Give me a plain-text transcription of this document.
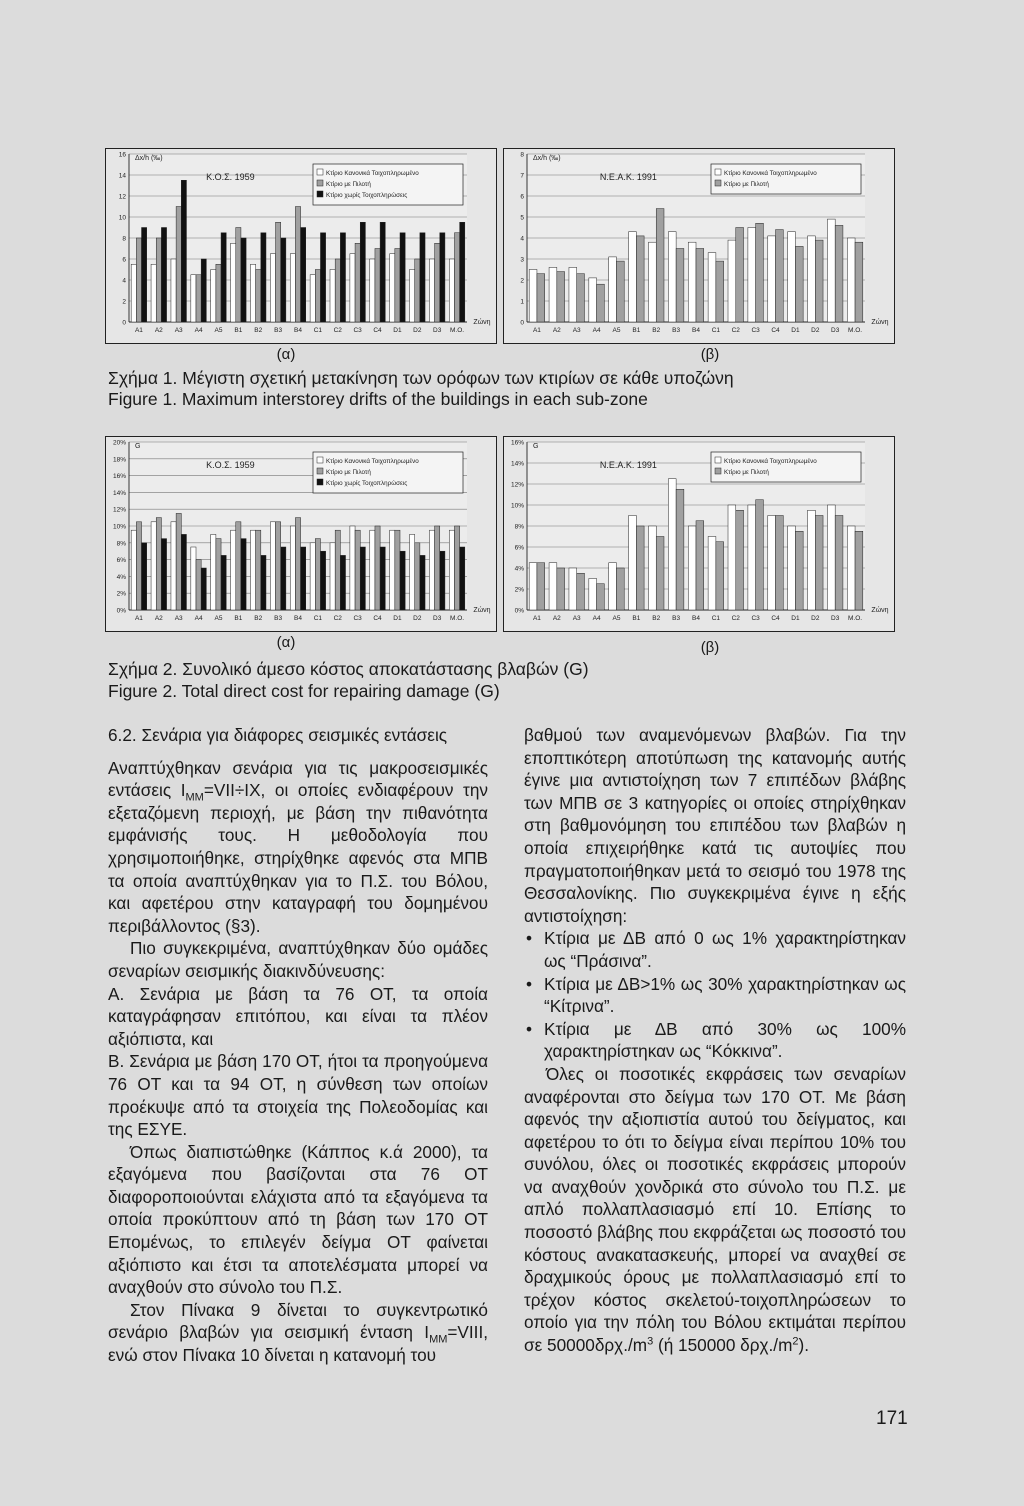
0
2
4
6
8
10
12
14
16 Δx/h (‰)
A1 A2 A3 A4 A5 B1 B2 B3 B4 C1 C2 C3 C4 D1 D2 D3 M.O.
Ζώνη
Κ.Ο.Σ. 1959	Κτίριο Κανονικά Τοιχοπληρωμένο
Κτίριο με Πιλοτή
Κτίριο χωρίς Τοιχοπληρώσεις
0
1
2
3
4
5
6
7
8 Δx/h (‰)
A1 A2 A3 A4 A5 B1 B2 B3 B4 C1 C2 C3 C4 D1 D2 D3 M.O.
Ζώνη
Ν.Ε.Α.Κ. 1991	Κτίριο Κανονικά Τοιχοπληρωμένο
Κτίριο με Πιλοτή
(α)	(β)
Σχήμα 1. Μέγιστη σχετική μετακίνηση των ορόφων των κτιρίων σε κάθε υποζώνη
Figure 1. Maximum interstorey drifts of the buildings in each sub-zone
0%
2%
4%
6%
8%
10%
12%
14%
16%
18%
20% G
A1 A2 A3 A4 A5 B1 B2 B3 B4 C1 C2 C3 C4 D1 D2 D3 M.O.
Ζώνη
Κ.Ο.Σ. 1959	Κτίριο Κανονικά Τοιχοπληρωμένο
Κτίριο με Πιλοτή
Κτίριο χωρίς Τοιχοπληρώσεις
0%
2%
4%
6%
8%
10%
12%
14%
16% G
A1 A2 A3 A4 A5 B1 B2 B3 B4 C1 C2 C3 C4 D1 D2 D3 M.O.
Ζώνη
Ν.Ε.Α.Κ. 1991	Κτίριο Κανονικά Τοιχοπληρωμένο
Κτίριο με Πιλοτή
(α)	(β)
Σχήμα 2. Συνολικό άμεσο κόστος αποκατάστασης βλαβών (G)
Figure 2. Total direct cost for repairing damage (G)

6.2. Σενάρια για διάφορες σεισμικές εντάσεις

Αναπτύχθηκαν σενάρια για τις μακροσεισμικές εντάσεις $I_{MM}=VII\div IX$, οι οποίες ενδιαφέρουν την εξεταζόμενη περιοχή, με βάση την πιθανότητα εμφάνισής τους. Η μεθοδολογία που χρησιμοποιήθηκε, στηρίχθηκε αφενός στα ΜΠΒ τα οποία αναπτύχθηκαν για το Π.Σ. του Βόλου, και αφετέρου στην καταγραφή του δομημένου περιβάλλοντος (§3).

Πιο συγκεκριμένα, αναπτύχθηκαν δύο ομάδες σεναρίων σεισμικής διακινδύνευσης:

Α. Σενάρια με βάση τα 76 ΟΤ, τα οποία καταγράφησαν επιτόπου, και είναι τα πλέον αξιόπιστα, και

Β. Σενάρια με βάση 170 ΟΤ, ήτοι τα προηγούμενα 76 ΟΤ και τα 94 ΟΤ, η σύνθεση των οποίων προέκυψε από τα στοιχεία της Πολεοδομίας και της ΕΣΥΕ.

Όπως διαπιστώθηκε (Κάππος κ.ά 2000), τα εξαγόμενα που βασίζονται στα 76 ΟΤ διαφοροποιούνται ελάχιστα από τα εξαγόμενα τα οποία προκύπτουν από τη βάση των 170 ΟΤ Επομένως, το επιλεγέν δείγμα ΟΤ φαίνεται αξιόπιστο και έτσι τα αποτελέσματα μπορεί να αναχθούν στο σύνολο του Π.Σ.

Στον Πίνακα 9 δίνεται το συγκεντρωτικό σενάριο βλαβών για σεισμική ένταση $I_{MM}=VIII$, ενώ στον Πίνακα 10 δίνεται η κατανομή του

βαθμού των αναμενόμενων βλαβών. Για την εποπτικότερη αποτύπωση της κατανομής αυτής έγινε μια αντιστοίχηση των 7 επιπέδων βλάβης των ΜΠΒ σε 3 κατηγορίες οι οποίες στηρίχθηκαν στη βαθμονόμηση του επιπέδου των βλαβών η οποία επιχειρήθηκε κατά τις αυτοψίες που πραγματοποιήθηκαν μετά το σεισμό του 1978 της Θεσσαλονίκης. Πιο συγκεκριμένα έγινε η εξής αντιστοίχηση:

• Κτίρια με ΔΒ από 0 ως 1% χαρακτηρίστηκαν ως “Πράσινα”.
• Κτίρια με ΔΒ>1% ως 30% χαρακτηρίστηκαν ως “Κίτρινα”.
• Κτίρια με ΔΒ από 30% ως 100% χαρακτηρίστηκαν ως “Κόκκινα”.

Όλες οι ποσοτικές εκφράσεις των σεναρίων αναφέρονται στο δείγμα των 170 ΟΤ. Με βάση αφενός την αξιοπιστία αυτού του δείγματος, και αφετέρου το ότι το δείγμα είναι περίπου 10% του συνόλου, όλες οι ποσοτικές εκφράσεις μπορούν να αναχθούν χονδρικά στο σύνολο του Π.Σ. με απλό πολλαπλασιασμό επί 10. Επίσης το ποσοστό βλάβης που εκφράζεται ως ποσοστό του κόστους ανακατασκευής, μπορεί να αναχθεί σε δραχμικούς όρους με πολλαπλασιασμό επί το τρέχον κόστος σκελετού-τοιχοπληρώσεων το οποίο για την πόλη του Βόλου εκτιμάται περίπου σε $50000\delta\rho\chi./m^3$ (ή 150000 $\delta\rho\chi./m^2$).

171
